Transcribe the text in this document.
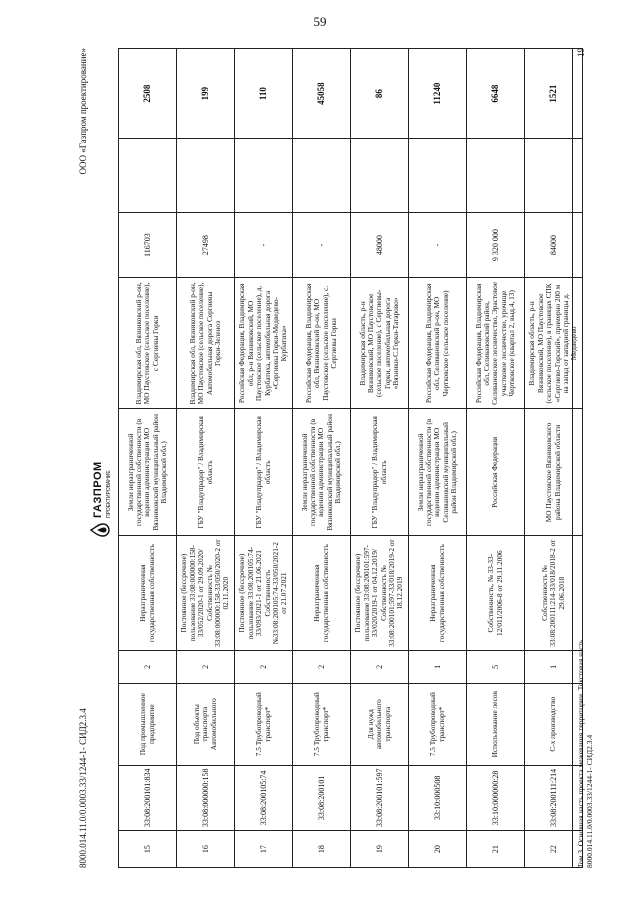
59
8000.014.11.0/0.0003.33/1244-1- СИД2.3.4
ООО «Газпром проектирование»
ГАЗПРОМ ПРОЕКТИРОВАНИЕ
15	33:08:200101:834	Под промышленное предприятие	2	Неразграниченная государственная собственность	Земли неразграниченной государственной собственности (в ведении администрации МО Вязниковский муниципальный район Владимирской обл.)	Владимирская обл, Вязниковский р-он, МО Паустовское (сельское поселение), с Сергиевы Горки	116703		2508
16	33:08:000000:158	Под объекты транспорта Автомобильного	2	Постоянное (бессрочное) пользование 33:08:000000:158-33/052/2020-1 от 29.09.2020/ Собственность № 33:08:000000:158-33/050/2020-2 от 02.11.2020	ГБУ "Владупрадор" / Владимирская область	Владимирская обл, Вязниковский р-он, МО Паустовское (сельское поселение), Автомобильная дорога Сергиевы Горки-Зеленоэ	27498		199
17	33:08:200105:74	7.5 Трубопроводный транспорт*	2	Постоянное (бессрочное) пользование 33:08:200105:74-33/093/2021-1 от 21.06.2021 Собственность №33:08:200105:74-33/050/2021-2 от 21.07.2021	ГБУ "Владупрадор" / Владимирская область	Российская Федерация, Владимирская обл, р-н Вязниковский, МО Паустовское (сельское поселение), д. Курбатиха, автомобильная дорога «Сергиевы Горки-Медведево-Курбатиха»	-		110
18	33:08:200101	7.5 Трубопроводный транспорт*	2	Неразграниченная государственная собственность	Земли неразграниченной государственной собственности (в ведении администрации МО Вязниковский муниципальный район Владимирской обл.)	Российская Федерация, Владимирская обл, Вязниковский р-он, МО Паустовское (сельское поселение), с. Сергиевы Горки	-		45058
19	33:08:200101:597	Для нужд автомобильного транспорта	2	Постоянное (бессрочное) пользование 33:08:200101:597-33/020/2019-1 от 04.12.2019/ Собственность № 33:08:200101:597-33/018/2019-2 от 18.12.2019	ГБУ "Владупрадор" / Владимирская область	Владимирская область, р-н Вязниковский, МО Паустовское (сельское поселение), с Сергиевы-Горки, автомобильная дорога «Вязники-С.Горки-Татарово»	48000		86
20	33:10:000508	7.5 Трубопроводный транспорт*	1	Неразграниченная государственная собственность	Земли неразграниченной государственной собственности (в ведении администрации МО Селивановский муниципальный район Владимирской обл.)	Российская Федерация, Владимирская обл, Селивановский р-он, МО Чертковское (сельское поселение)	-		11240
21	33:10:000000:28	Использование лесов	5	Собственность, № 33-33-12/011/2006-8 от 29.11.2006	Российская Федерация	Российская Федерация, Владимирская обл, Селивановский район, Селивановское лесничество, Эрастовое участковое лесничество, урочище Чертковское (квартал 2, выд.4, 13)	9 320 000		6648
22	33:08:200111:214	С-х производство	1	Собственность № 33:08:200111:214-33/018/2018-2 от 29.06.2018	МО Паустовское Вязниковского района Владимирской области	Владимирская область, р-н Вязниковский, МО Паустовское (сельское поселение), в границах СПК «Сергиево-Горский», примерно 200 м на запад от западной границы д. Медведево	84000		1521
Том 3. Основная часть проекта межевания территории. Текстовая часть 8000.014.11.0/0.0003.33/1244-1- СИД2.3.4
19
